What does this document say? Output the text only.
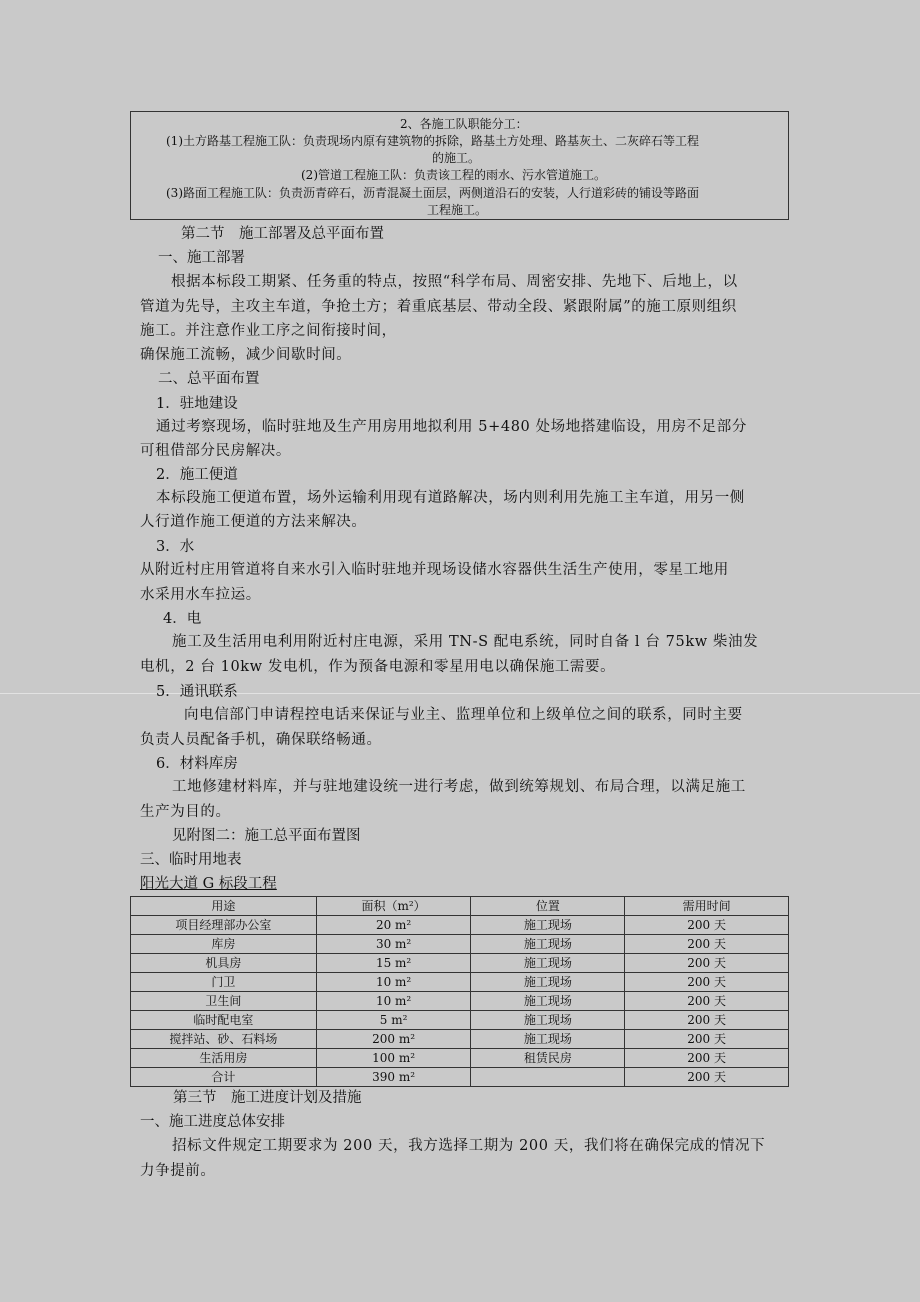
2、各施工队职能分工：
(1)土方路基工程施工队：负责现场内原有建筑物的拆除，路基土方处理、路基灰土、二灰碎石等工程
的施工。
(2)管道工程施工队：负责该工程的雨水、污水管道施工。
(3)路面工程施工队：负责沥青碎石，沥青混凝土面层，两侧道沿石的安装，人行道彩砖的铺设等路面
工程施工。
第二节　施工部署及总平面布置
一、施工部署
根据本标段工期紧、任务重的特点，按照“科学布局、周密安排、先地下、后地上，以
管道为先导，主攻主车道，争抢土方；着重底基层、带动全段、紧跟附属”的施工原则组织
施工。并注意作业工序之间衔接时间，
确保施工流畅，减少间歇时间。
二、总平面布置
1．驻地建设
通过考察现场，临时驻地及生产用房用地拟利用 5+480 处场地搭建临设，用房不足部分
可租借部分民房解决。
2．施工便道
本标段施工便道布置，场外运输利用现有道路解决，场内则利用先施工主车道，用另一侧
人行道作施工便道的方法来解决。
3．水
从附近村庄用管道将自来水引入临时驻地并现场设储水容器供生活生产使用，零星工地用
水采用水车拉运。
4．电
施工及生活用电利用附近村庄电源，采用 TN-S 配电系统，同时自备 l 台 75kw 柴油发
电机，2 台 10kw 发电机，作为预备电源和零星用电以确保施工需要。
5．通讯联系
向电信部门申请程控电话来保证与业主、监理单位和上级单位之间的联系，同时主要
负责人员配备手机，确保联络畅通。
6．材料库房
工地修建材料库，并与驻地建设统一进行考虑，做到统筹规划、布局合理，以满足施工
生产为目的。
见附图二：施工总平面布置图
三、临时用地表
阳光大道 G 标段工程
用途	面积（m²）	位置	需用时间
项目经理部办公室	20 m²	施工现场	200 天
库房	30 m²	施工现场	200 天
机具房	15 m²	施工现场	200 天
门卫	10 m²	施工现场	200 天
卫生间	10 m²	施工现场	200 天
临时配电室	5 m²	施工现场	200 天
搅拌站、砂、石料场	200 m²	施工现场	200 天
生活用房	100 m²	租赁民房	200 天
合计	390 m²		200 天
第三节　施工进度计划及措施
一、施工进度总体安排
招标文件规定工期要求为 200 天，我方选择工期为 200 天，我们将在确保完成的情况下
力争提前。
